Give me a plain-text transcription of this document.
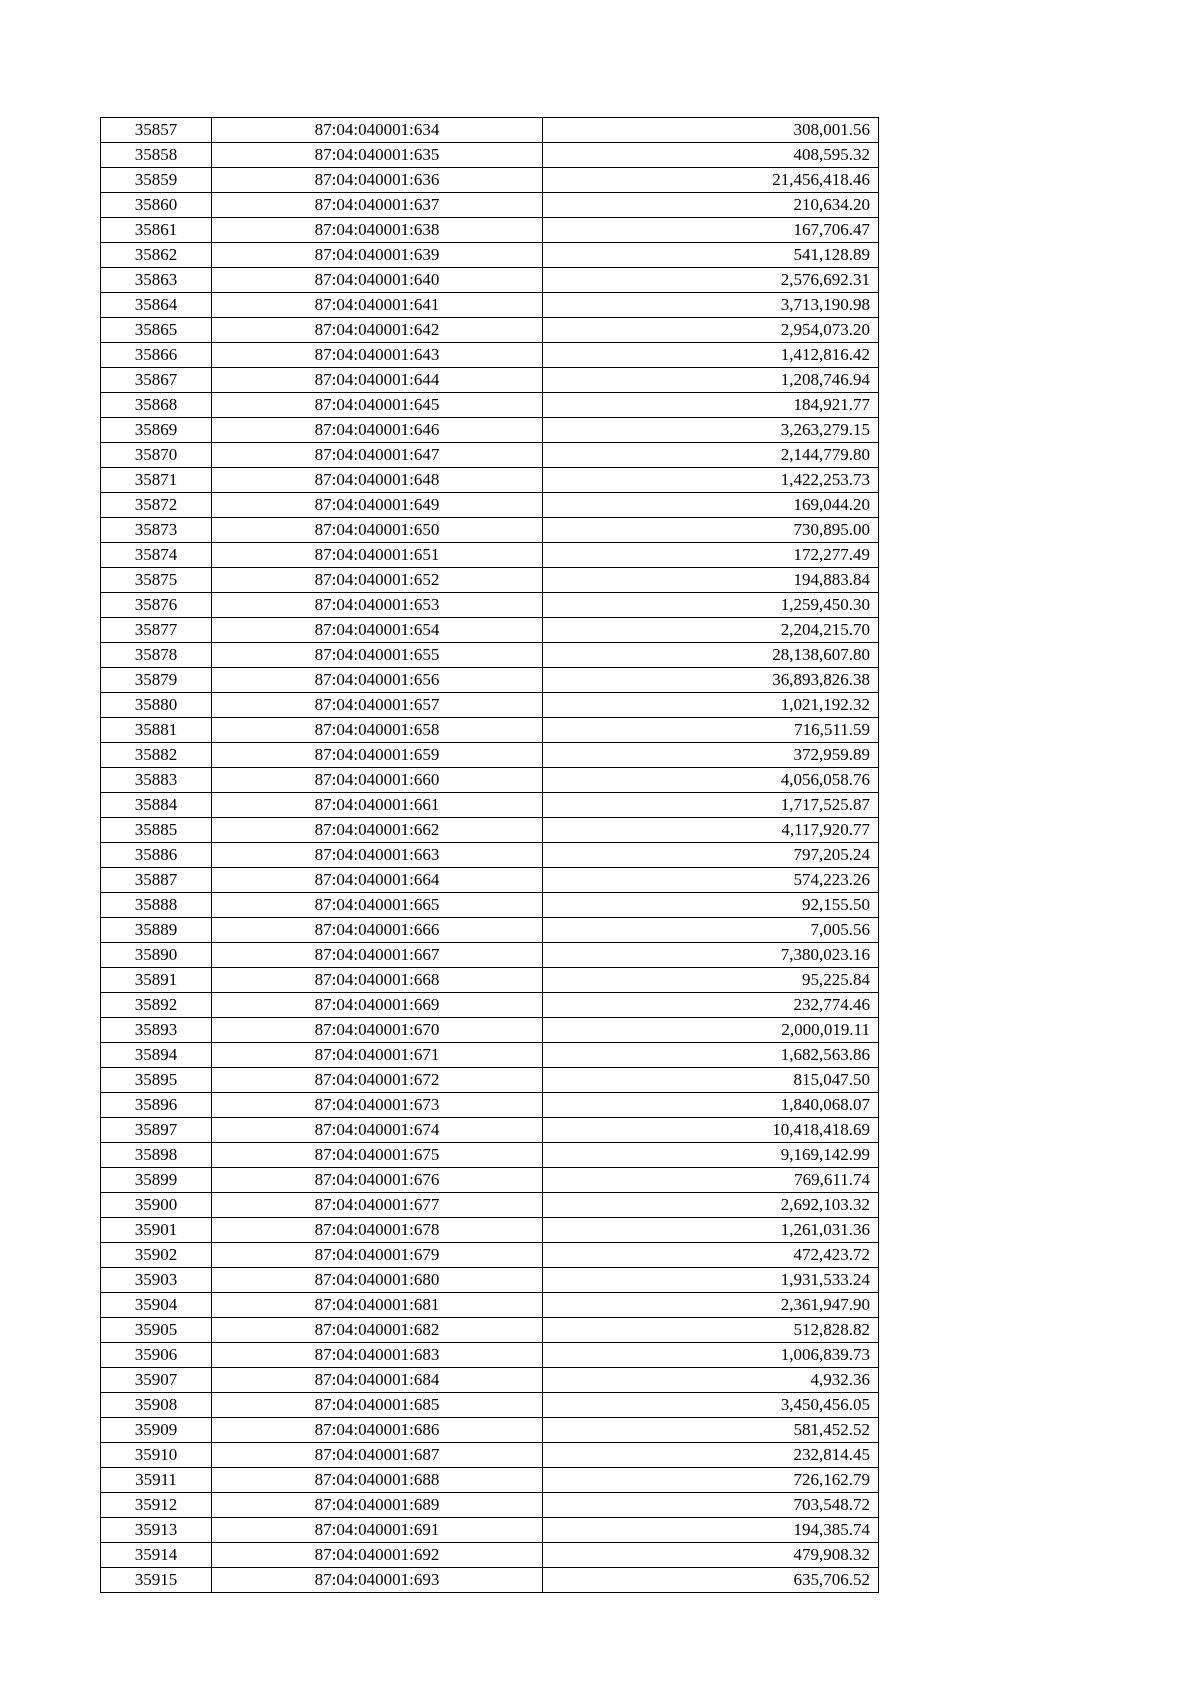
35857	87:04:040001:634	308,001.56
35858	87:04:040001:635	408,595.32
35859	87:04:040001:636	21,456,418.46
35860	87:04:040001:637	210,634.20
35861	87:04:040001:638	167,706.47
35862	87:04:040001:639	541,128.89
35863	87:04:040001:640	2,576,692.31
35864	87:04:040001:641	3,713,190.98
35865	87:04:040001:642	2,954,073.20
35866	87:04:040001:643	1,412,816.42
35867	87:04:040001:644	1,208,746.94
35868	87:04:040001:645	184,921.77
35869	87:04:040001:646	3,263,279.15
35870	87:04:040001:647	2,144,779.80
35871	87:04:040001:648	1,422,253.73
35872	87:04:040001:649	169,044.20
35873	87:04:040001:650	730,895.00
35874	87:04:040001:651	172,277.49
35875	87:04:040001:652	194,883.84
35876	87:04:040001:653	1,259,450.30
35877	87:04:040001:654	2,204,215.70
35878	87:04:040001:655	28,138,607.80
35879	87:04:040001:656	36,893,826.38
35880	87:04:040001:657	1,021,192.32
35881	87:04:040001:658	716,511.59
35882	87:04:040001:659	372,959.89
35883	87:04:040001:660	4,056,058.76
35884	87:04:040001:661	1,717,525.87
35885	87:04:040001:662	4,117,920.77
35886	87:04:040001:663	797,205.24
35887	87:04:040001:664	574,223.26
35888	87:04:040001:665	92,155.50
35889	87:04:040001:666	7,005.56
35890	87:04:040001:667	7,380,023.16
35891	87:04:040001:668	95,225.84
35892	87:04:040001:669	232,774.46
35893	87:04:040001:670	2,000,019.11
35894	87:04:040001:671	1,682,563.86
35895	87:04:040001:672	815,047.50
35896	87:04:040001:673	1,840,068.07
35897	87:04:040001:674	10,418,418.69
35898	87:04:040001:675	9,169,142.99
35899	87:04:040001:676	769,611.74
35900	87:04:040001:677	2,692,103.32
35901	87:04:040001:678	1,261,031.36
35902	87:04:040001:679	472,423.72
35903	87:04:040001:680	1,931,533.24
35904	87:04:040001:681	2,361,947.90
35905	87:04:040001:682	512,828.82
35906	87:04:040001:683	1,006,839.73
35907	87:04:040001:684	4,932.36
35908	87:04:040001:685	3,450,456.05
35909	87:04:040001:686	581,452.52
35910	87:04:040001:687	232,814.45
35911	87:04:040001:688	726,162.79
35912	87:04:040001:689	703,548.72
35913	87:04:040001:691	194,385.74
35914	87:04:040001:692	479,908.32
35915	87:04:040001:693	635,706.52
